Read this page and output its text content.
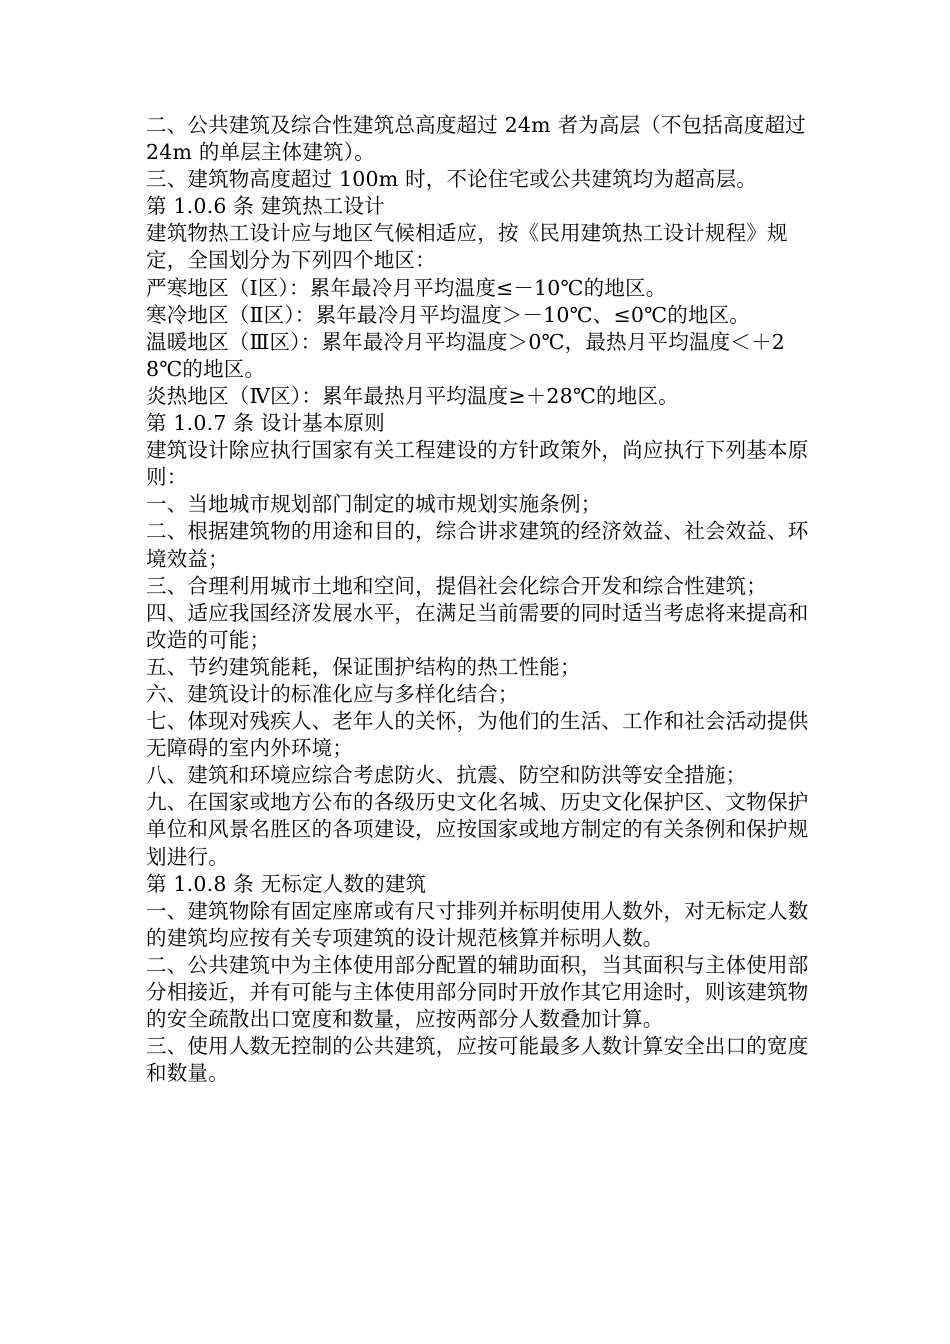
二、公共建筑及综合性建筑总高度超过 24m 者为高层（不包括高度超过 24m 的单层主体建筑）。

三、建筑物高度超过 100m 时，不论住宅或公共建筑均为超高层。

第 1.0.6 条 建筑热工设计

建筑物热工设计应与地区气候相适应，按《民用建筑热工设计规程》规定，全国划分为下列四个地区：

严寒地区（Ⅰ区）：累年最冷月平均温度≤－10℃的地区。

寒冷地区（Ⅱ区）：累年最冷月平均温度＞－10℃、≤0℃的地区。

温暖地区（Ⅲ区）：累年最冷月平均温度＞0℃，最热月平均温度＜＋28℃的地区。

炎热地区（Ⅳ区）：累年最热月平均温度≥＋28℃的地区。

第 1.0.7 条 设计基本原则

建筑设计除应执行国家有关工程建设的方针政策外，尚应执行下列基本原则：

一、当地城市规划部门制定的城市规划实施条例；

二、根据建筑物的用途和目的，综合讲求建筑的经济效益、社会效益、环境效益；

三、合理利用城市土地和空间，提倡社会化综合开发和综合性建筑；

四、适应我国经济发展水平，在满足当前需要的同时适当考虑将来提高和改造的可能；

五、节约建筑能耗，保证围护结构的热工性能；

六、建筑设计的标准化应与多样化结合；

七、体现对残疾人、老年人的关怀，为他们的生活、工作和社会活动提供无障碍的室内外环境；

八、建筑和环境应综合考虑防火、抗震、防空和防洪等安全措施；

九、在国家或地方公布的各级历史文化名城、历史文化保护区、文物保护单位和风景名胜区的各项建设，应按国家或地方制定的有关条例和保护规划进行。

第 1.0.8 条 无标定人数的建筑

一、建筑物除有固定座席或有尺寸排列并标明使用人数外，对无标定人数的建筑均应按有关专项建筑的设计规范核算并标明人数。

二、公共建筑中为主体使用部分配置的辅助面积，当其面积与主体使用部分相接近，并有可能与主体使用部分同时开放作其它用途时，则该建筑物的安全疏散出口宽度和数量，应按两部分人数叠加计算。

三、使用人数无控制的公共建筑，应按可能最多人数计算安全出口的宽度和数量。
